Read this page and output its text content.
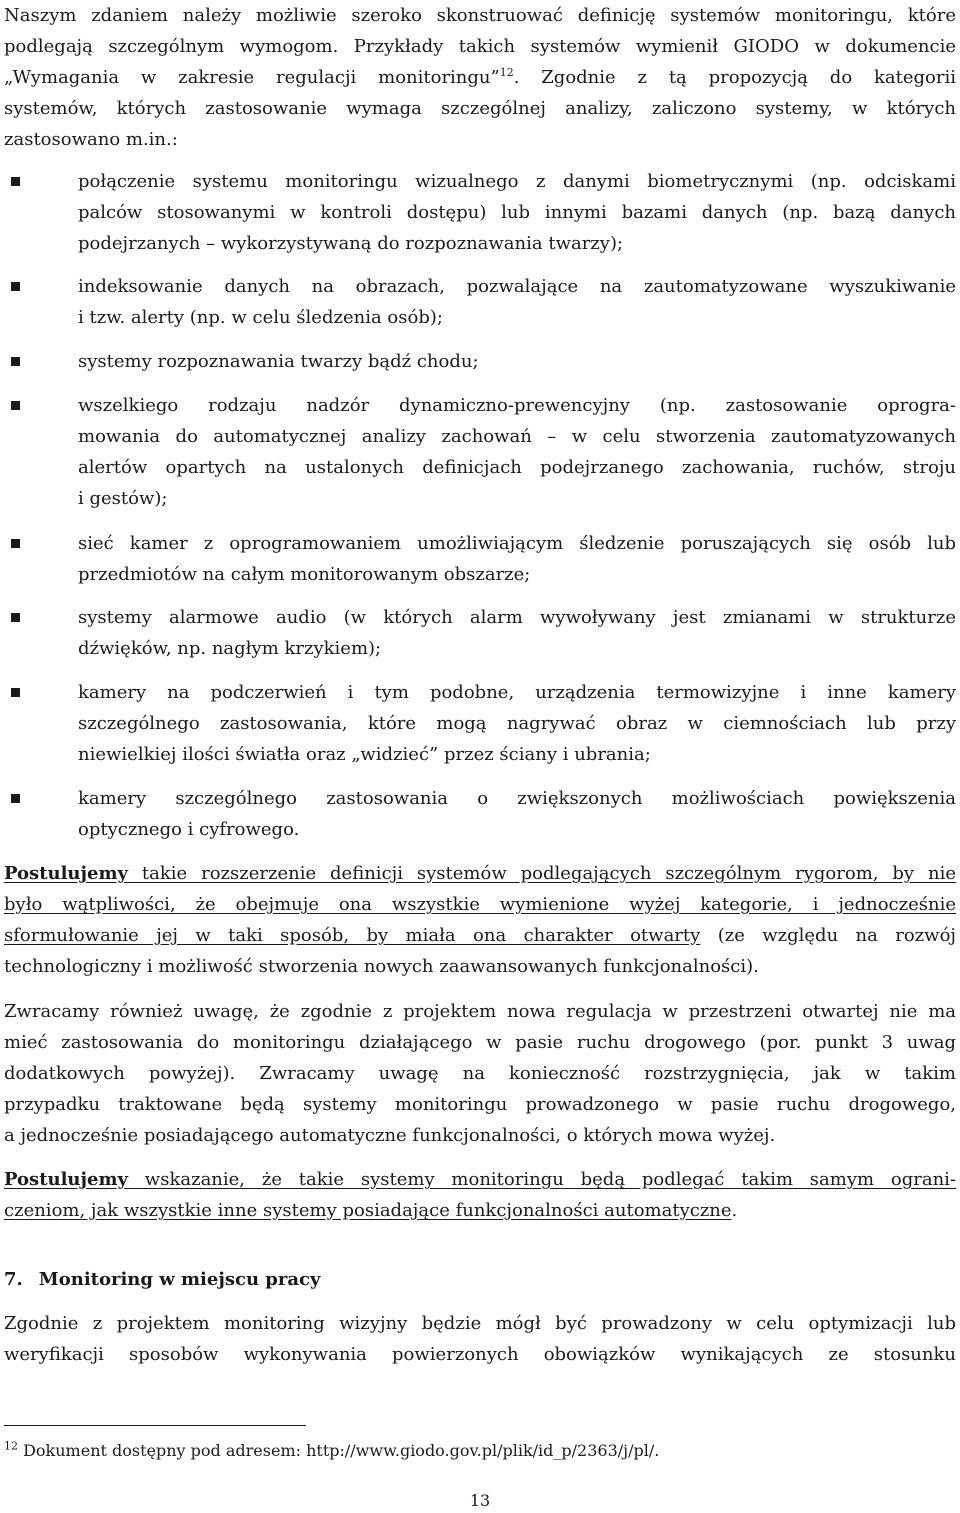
Naszym zdaniem należy możliwie szeroko skonstruować definicję systemów monitoringu, które
podlegają szczególnym wymogom. Przykłady takich systemów wymienił GIODO w dokumencie
„Wymagania w zakresie regulacji monitoringu”$^{12}$. Zgodnie z tą propozycją do kategorii
systemów, których zastosowanie wymaga szczególnej analizy, zaliczono systemy, w których
zastosowano m.in.:
połączenie systemu monitoringu wizualnego z danymi biometrycznymi (np. odciskami
palców stosowanymi w kontroli dostępu) lub innymi bazami danych (np. bazą danych
podejrzanych – wykorzystywaną do rozpoznawania twarzy);
indeksowanie danych na obrazach, pozwalające na zautomatyzowane wyszukiwanie
i tzw. alerty (np. w celu śledzenia osób);
systemy rozpoznawania twarzy bądź chodu;
wszelkiego rodzaju nadzór dynamiczno-prewencyjny (np. zastosowanie oprogra-
mowania do automatycznej analizy zachowań – w celu stworzenia zautomatyzowanych
alertów opartych na ustalonych definicjach podejrzanego zachowania, ruchów, stroju
i gestów);
sieć kamer z oprogramowaniem umożliwiającym śledzenie poruszających się osób lub
przedmiotów na całym monitorowanym obszarze;
systemy alarmowe audio (w których alarm wywoływany jest zmianami w strukturze
dźwięków, np. nagłym krzykiem);
kamery na podczerwień i tym podobne, urządzenia termowizyjne i inne kamery
szczególnego zastosowania, które mogą nagrywać obraz w ciemnościach lub przy
niewielkiej ilości światła oraz „widzieć” przez ściany i ubrania;
kamery szczególnego zastosowania o zwiększonych możliwościach powiększenia
optycznego i cyfrowego.
Postulujemy takie rozszerzenie definicji systemów podlegających szczególnym rygorom, by nie
było wątpliwości, że obejmuje ona wszystkie wymienione wyżej kategorie, i jednocześnie
sformułowanie jej w taki sposób, by miała ona charakter otwarty (ze względu na rozwój
technologiczny i możliwość stworzenia nowych zaawansowanych funkcjonalności).
Zwracamy również uwagę, że zgodnie z projektem nowa regulacja w przestrzeni otwartej nie ma
mieć zastosowania do monitoringu działającego w pasie ruchu drogowego (por. punkt 3 uwag
dodatkowych powyżej). Zwracamy uwagę na konieczność rozstrzygnięcia, jak w takim
przypadku traktowane będą systemy monitoringu prowadzonego w pasie ruchu drogowego,
a jednocześnie posiadającego automatyczne funkcjonalności, o których mowa wyżej.
Postulujemy wskazanie, że takie systemy monitoringu będą podlegać takim samym ograni-
czeniom, jak wszystkie inne systemy posiadające funkcjonalności automatyczne.
7. Monitoring w miejscu pracy
Zgodnie z projektem monitoring wizyjny będzie mógł być prowadzony w celu optymizacji lub
weryfikacji sposobów wykonywania powierzonych obowiązków wynikających ze stosunku
$^{12}$ Dokument dostępny pod adresem: http://www.giodo.gov.pl/plik/id_p/2363/j/pl/.
13
